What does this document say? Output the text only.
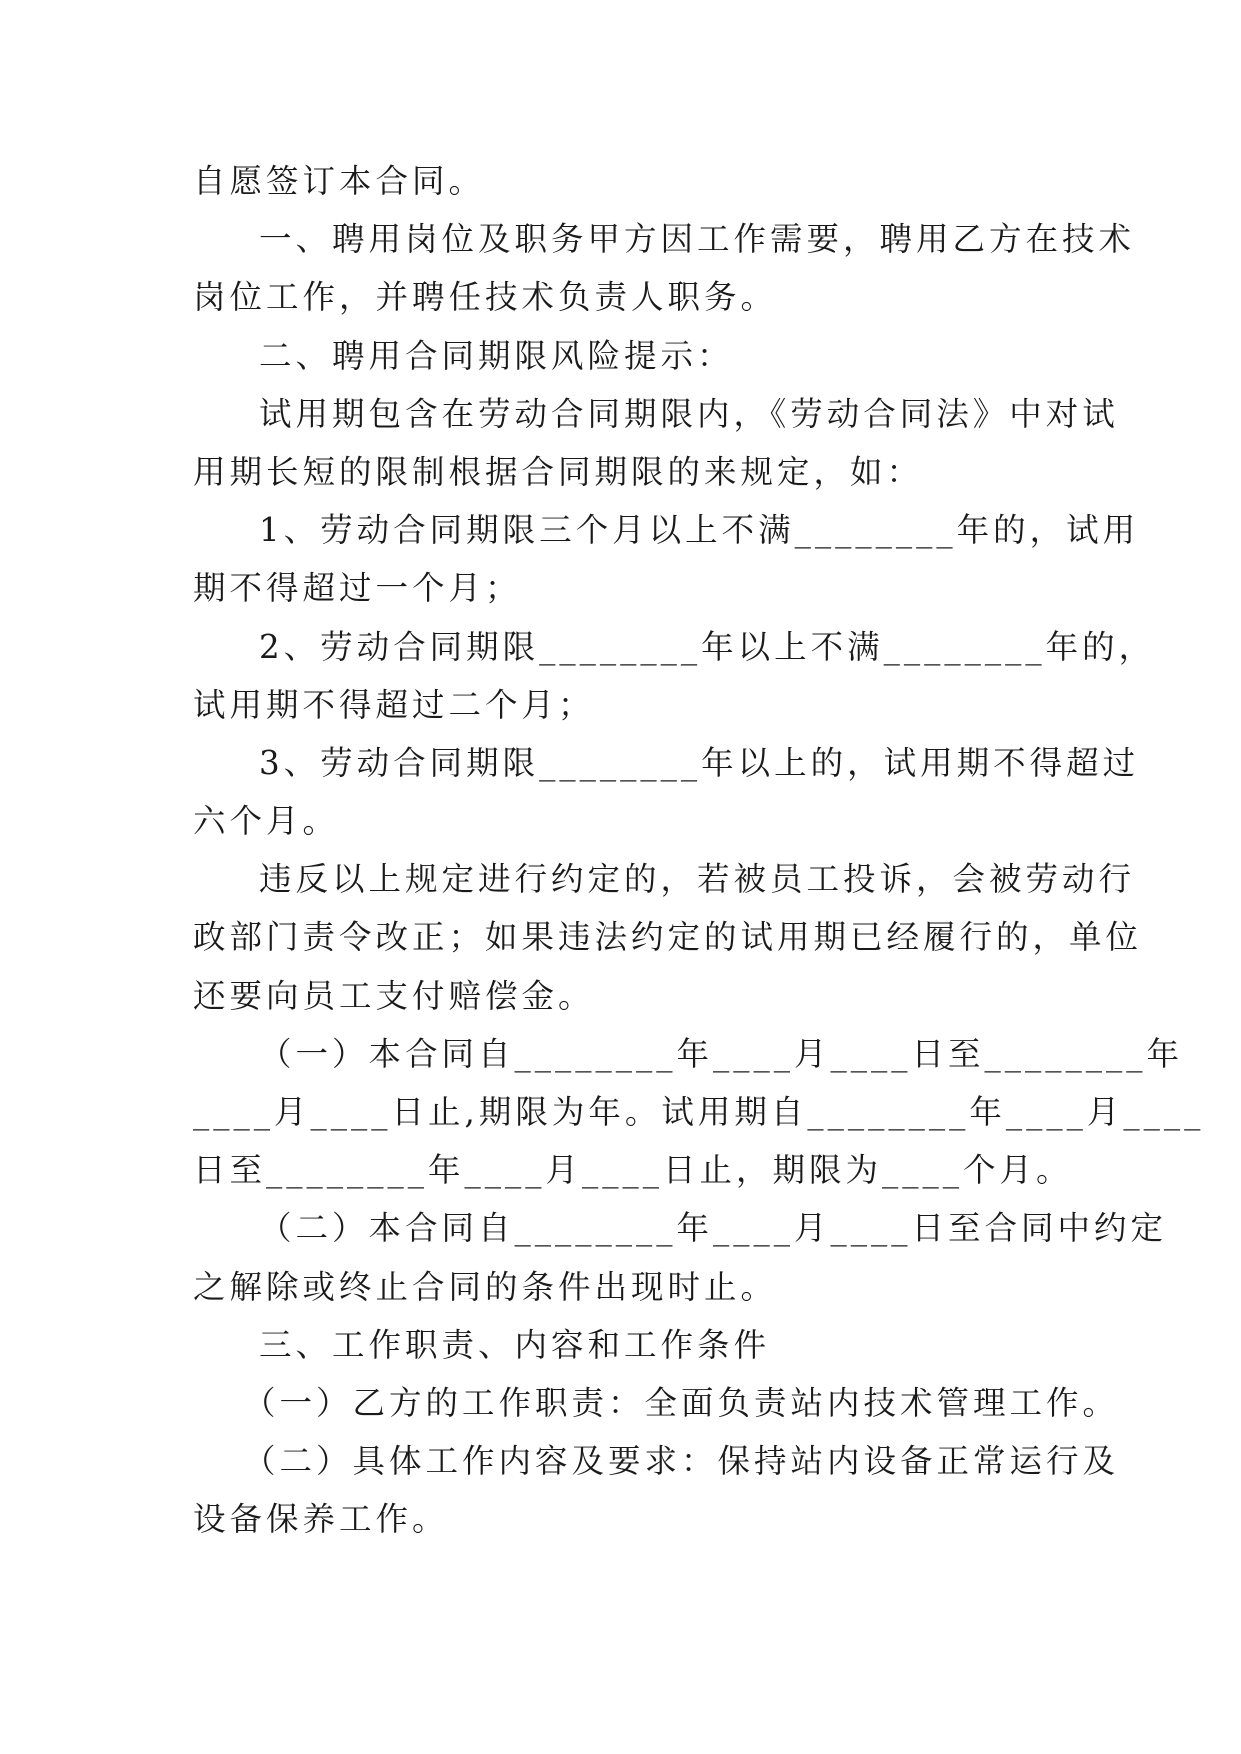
自愿签订本合同。
一、聘用岗位及职务甲方因工作需要，聘用乙方在技术
岗位工作，并聘任技术负责人职务。
二、聘用合同期限风险提示：
试用期包含在劳动合同期限内，《劳动合同法》中对试
用期长短的限制根据合同期限的来规定，如：
1、劳动合同期限三个月以上不满________年的，试用
期不得超过一个月；
2、劳动合同期限________年以上不满________年的，
试用期不得超过二个月；
3、劳动合同期限________年以上的，试用期不得超过
六个月。
违反以上规定进行约定的，若被员工投诉，会被劳动行
政部门责令改正；如果违法约定的试用期已经履行的，单位
还要向员工支付赔偿金。
（一）本合同自________年____月____日至________年
____月____日止,期限为年。试用期自________年____月____
日至________年____月____日止，期限为____个月。
（二）本合同自________年____月____日至合同中约定
之解除或终止合同的条件出现时止。
三、工作职责、内容和工作条件
（一）乙方的工作职责：全面负责站内技术管理工作。
（二）具体工作内容及要求：保持站内设备正常运行及
设备保养工作。
